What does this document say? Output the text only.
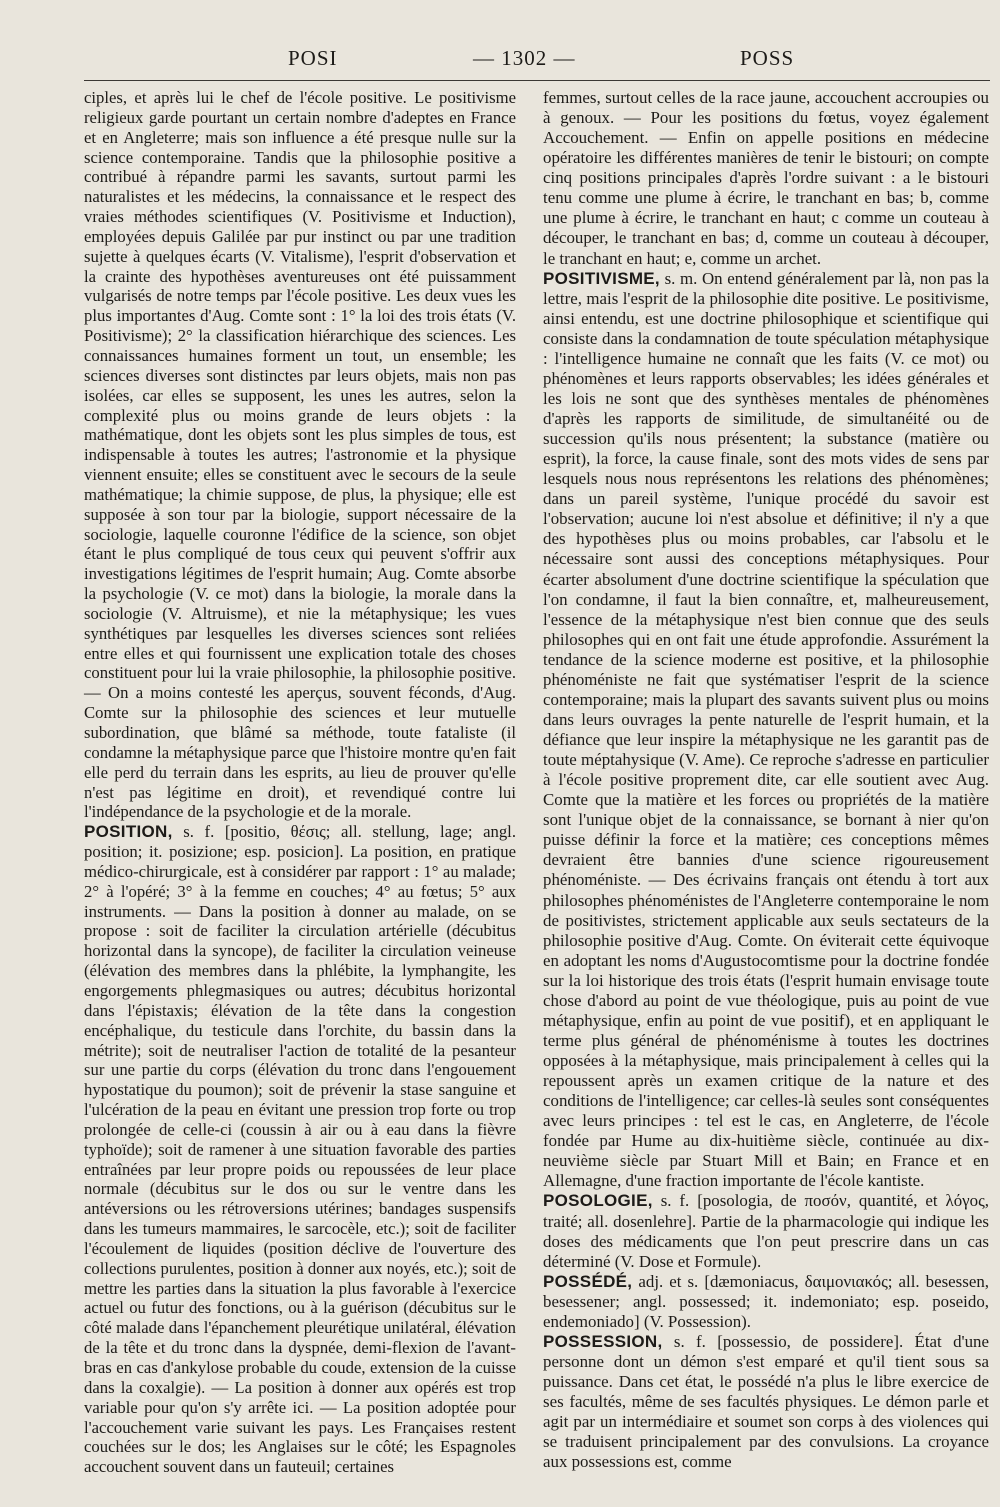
POSI	— 1302 —	POSS

ciples, et après lui le chef de l'école positive. Le positivisme religieux garde pourtant un certain nombre d'adeptes en France et en Angleterre; mais son influence a été presque nulle sur la science contemporaine. Tandis que la philosophie positive a contribué à répandre parmi les savants, surtout parmi les naturalistes et les médecins, la connaissance et le respect des vraies méthodes scientifiques (V. Positivisme et Induction), employées depuis Galilée par pur instinct ou par une tradition sujette à quelques écarts (V. Vitalisme), l'esprit d'observation et la crainte des hypothèses aventureuses ont été puissamment vulgarisés de notre temps par l'école positive. Les deux vues les plus importantes d'Aug. Comte sont : 1° la loi des trois états (V. Positivisme); 2° la classification hiérarchique des sciences. Les connaissances humaines forment un tout, un ensemble; les sciences diverses sont distinctes par leurs objets, mais non pas isolées, car elles se supposent, les unes les autres, selon la complexité plus ou moins grande de leurs objets : la mathématique, dont les objets sont les plus simples de tous, est indispensable à toutes les autres; l'astronomie et la physique viennent ensuite; elles se constituent avec le secours de la seule mathématique; la chimie suppose, de plus, la physique; elle est supposée à son tour par la biologie, support nécessaire de la sociologie, laquelle couronne l'édifice de la science, son objet étant le plus compliqué de tous ceux qui peuvent s'offrir aux investigations légitimes de l'esprit humain; Aug. Comte absorbe la psychologie (V. ce mot) dans la biologie, la morale dans la sociologie (V. Altruisme), et nie la métaphysique; les vues synthétiques par lesquelles les diverses sciences sont reliées entre elles et qui fournissent une explication totale des choses constituent pour lui la vraie philosophie, la philosophie positive. — On a moins contesté les aperçus, souvent féconds, d'Aug. Comte sur la philosophie des sciences et leur mutuelle subordination, que blâmé sa méthode, toute fataliste (il condamne la métaphysique parce que l'histoire montre qu'en fait elle perd du terrain dans les esprits, au lieu de prouver qu'elle n'est pas légitime en droit), et revendiqué contre lui l'indépendance de la psychologie et de la morale.

POSITION, s. f. [positio, θέσις; all. stellung, lage; angl. position; it. posizione; esp. posicion]. La position, en pratique médico-chirurgicale, est à considérer par rapport : 1° au malade; 2° à l'opéré; 3° à la femme en couches; 4° au fœtus; 5° aux instruments. — Dans la position à donner au malade, on se propose : soit de faciliter la circulation artérielle (décubitus horizontal dans la syncope), de faciliter la circulation veineuse (élévation des membres dans la phlébite, la lymphangite, les engorgements phlegmasiques ou autres; décubitus horizontal dans l'épistaxis; élévation de la tête dans la congestion encéphalique, du testicule dans l'orchite, du bassin dans la métrite); soit de neutraliser l'action de totalité de la pesanteur sur une partie du corps (élévation du tronc dans l'engouement hypostatique du poumon); soit de prévenir la stase sanguine et l'ulcération de la peau en évitant une pression trop forte ou trop prolongée de celle-ci (coussin à air ou à eau dans la fièvre typhoïde); soit de ramener à une situation favorable des parties entraînées par leur propre poids ou repoussées de leur place normale (décubitus sur le dos ou sur le ventre dans les antéversions ou les rétroversions utérines; bandages suspensifs dans les tumeurs mammaires, le sarcocèle, etc.); soit de faciliter l'écoulement de liquides (position déclive de l'ouverture des collections purulentes, position à donner aux noyés, etc.); soit de mettre les parties dans la situation la plus favorable à l'exercice actuel ou futur des fonctions, ou à la guérison (décubitus sur le côté malade dans l'épanchement pleurétique unilatéral, élévation de la tête et du tronc dans la dyspnée, demi-flexion de l'avant-bras en cas d'ankylose probable du coude, extension de la cuisse dans la coxalgie). — La position à donner aux opérés est trop variable pour qu'on s'y arrête ici. — La position adoptée pour l'accouchement varie suivant les pays. Les Françaises restent couchées sur le dos; les Anglaises sur le côté; les Espagnoles accouchent souvent dans un fauteuil; certaines

femmes, surtout celles de la race jaune, accouchent accroupies ou à genoux. — Pour les positions du fœtus, voyez également Accouchement. — Enfin on appelle positions en médecine opératoire les différentes manières de tenir le bistouri; on compte cinq positions principales d'après l'ordre suivant : a le bistouri tenu comme une plume à écrire, le tranchant en bas; b, comme une plume à écrire, le tranchant en haut; c comme un couteau à découper, le tranchant en bas; d, comme un couteau à découper, le tranchant en haut; e, comme un archet.

POSITIVISME, s. m. On entend généralement par là, non pas la lettre, mais l'esprit de la philosophie dite positive. Le positivisme, ainsi entendu, est une doctrine philosophique et scientifique qui consiste dans la condamnation de toute spéculation métaphysique : l'intelligence humaine ne connaît que les faits (V. ce mot) ou phénomènes et leurs rapports observables; les idées générales et les lois ne sont que des synthèses mentales de phénomènes d'après les rapports de similitude, de simultanéité ou de succession qu'ils nous présentent; la substance (matière ou esprit), la force, la cause finale, sont des mots vides de sens par lesquels nous nous représentons les relations des phénomènes; dans un pareil système, l'unique procédé du savoir est l'observation; aucune loi n'est absolue et définitive; il n'y a que des hypothèses plus ou moins probables, car l'absolu et le nécessaire sont aussi des conceptions métaphysiques. Pour écarter absolument d'une doctrine scientifique la spéculation que l'on condamne, il faut la bien connaître, et, malheureusement, l'essence de la métaphysique n'est bien connue que des seuls philosophes qui en ont fait une étude approfondie. Assurément la tendance de la science moderne est positive, et la philosophie phénoméniste ne fait que systématiser l'esprit de la science contemporaine; mais la plupart des savants suivent plus ou moins dans leurs ouvrages la pente naturelle de l'esprit humain, et la défiance que leur inspire la métaphysique ne les garantit pas de toute méptahysique (V. Ame). Ce reproche s'adresse en particulier à l'école positive proprement dite, car elle soutient avec Aug. Comte que la matière et les forces ou propriétés de la matière sont l'unique objet de la connaissance, se bornant à nier qu'on puisse définir la force et la matière; ces conceptions mêmes devraient être bannies d'une science rigoureusement phénoméniste. — Des écrivains français ont étendu à tort aux philosophes phénoménistes de l'Angleterre contemporaine le nom de positivistes, strictement applicable aux seuls sectateurs de la philosophie positive d'Aug. Comte. On éviterait cette équivoque en adoptant les noms d'Augustocomtisme pour la doctrine fondée sur la loi historique des trois états (l'esprit humain envisage toute chose d'abord au point de vue théologique, puis au point de vue métaphysique, enfin au point de vue positif), et en appliquant le terme plus général de phénoménisme à toutes les doctrines opposées à la métaphysique, mais principalement à celles qui la repoussent après un examen critique de la nature et des conditions de l'intelligence; car celles-là seules sont conséquentes avec leurs principes : tel est le cas, en Angleterre, de l'école fondée par Hume au dix-huitième siècle, continuée au dix-neuvième siècle par Stuart Mill et Bain; en France et en Allemagne, d'une fraction importante de l'école kantiste.

POSOLOGIE, s. f. [posologia, de ποσόν, quantité, et λόγος, traité; all. dosenlehre]. Partie de la pharmacologie qui indique les doses des médicaments que l'on peut prescrire dans un cas déterminé (V. Dose et Formule).

POSSÉDÉ, adj. et s. [dæmoniacus, δαιμονιακός; all. besessen, besessener; angl. possessed; it. indemoniato; esp. poseido, endemoniado] (V. Possession).

POSSESSION, s. f. [possessio, de possidere]. État d'une personne dont un démon s'est emparé et qu'il tient sous sa puissance. Dans cet état, le possédé n'a plus le libre exercice de ses facultés, même de ses facultés physiques. Le démon parle et agit par un intermédiaire et soumet son corps à des violences qui se traduisent principalement par des convulsions. La croyance aux possessions est, comme
